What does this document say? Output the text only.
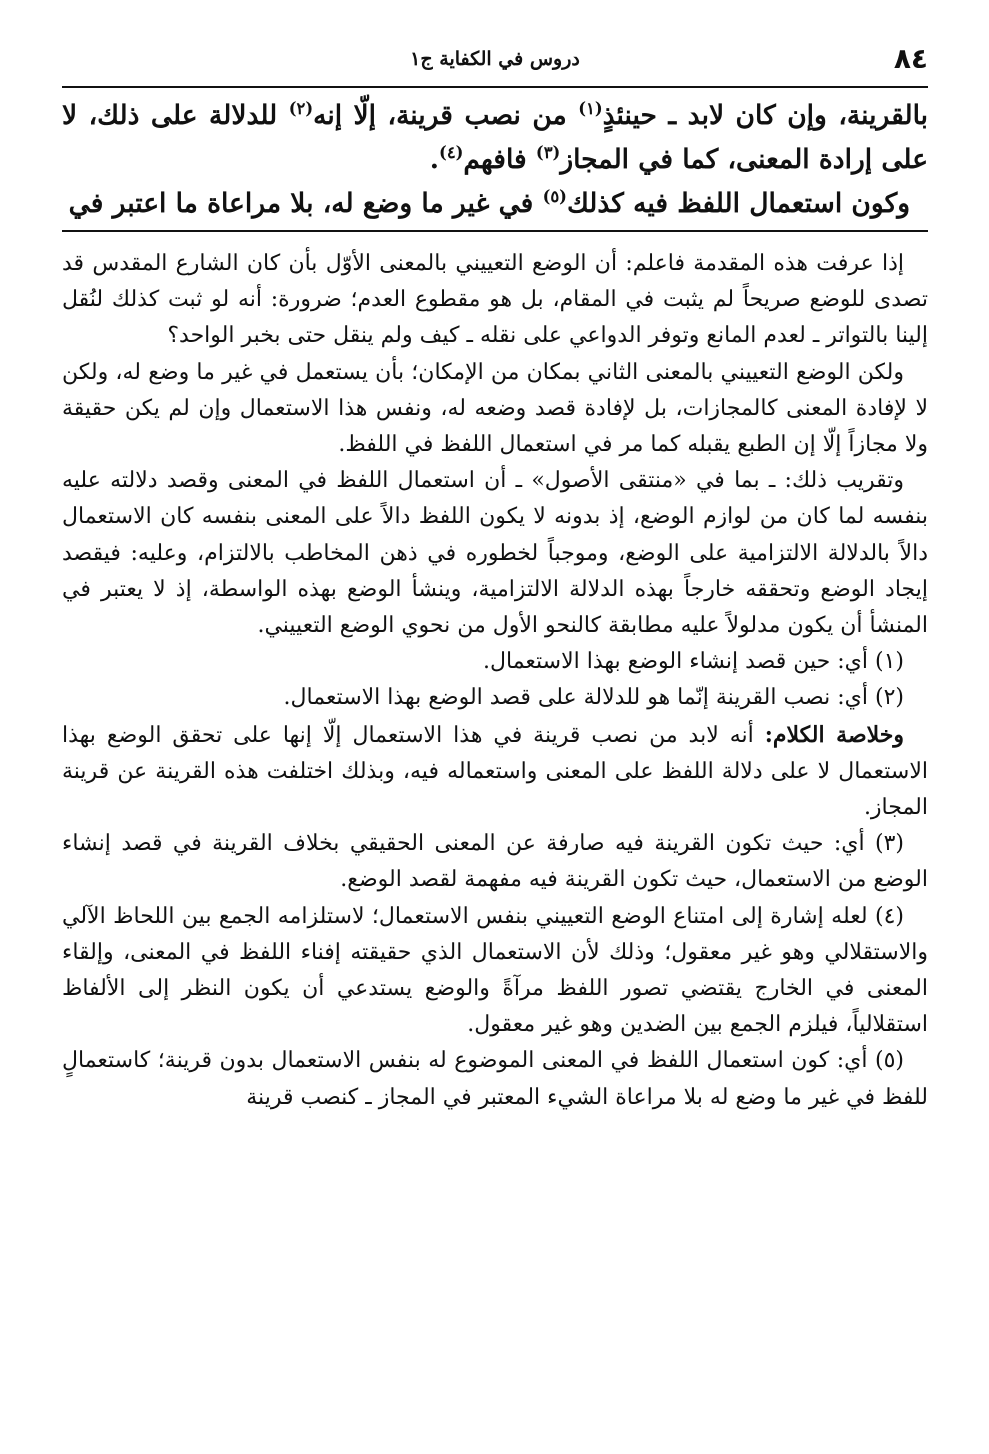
٨٤
دروس في الكفاية ج١

بالقرينة، وإن كان لابد ـ حينئذٍ$^{(١)}$ من نصب قرينة، إلّا إنه$^{(٢)}$ للدلالة على ذلك، لا على إرادة المعنى، كما في المجاز$^{(٣)}$ فافهم$^{(٤)}$.

وكون استعمال اللفظ فيه كذلك$^{(٥)}$ في غير ما وضع له، بلا مراعاة ما اعتبر في

إذا عرفت هذه المقدمة فاعلم: أن الوضع التعييني بالمعنى الأوّل بأن كان الشارع المقدس قد تصدى للوضع صريحاً لم يثبت في المقام، بل هو مقطوع العدم؛ ضرورة: أنه لو ثبت كذلك لنُقل إلينا بالتواتر ـ لعدم المانع وتوفر الدواعي على نقله ـ كيف ولم ينقل حتى بخبر الواحد؟

ولكن الوضع التعييني بالمعنى الثاني بمكان من الإمكان؛ بأن يستعمل في غير ما وضع له، ولكن لا لإفادة المعنى كالمجازات، بل لإفادة قصد وضعه له، ونفس هذا الاستعمال وإن لم يكن حقيقة ولا مجازاً إلّا إن الطبع يقبله كما مر في استعمال اللفظ في اللفظ.

وتقريب ذلك: ـ بما في «منتقى الأصول» ـ أن استعمال اللفظ في المعنى وقصد دلالته عليه بنفسه لما كان من لوازم الوضع، إذ بدونه لا يكون اللفظ دالاً على المعنى بنفسه كان الاستعمال دالاً بالدلالة الالتزامية على الوضع، وموجباً لخطوره في ذهن المخاطب بالالتزام، وعليه: فيقصد إيجاد الوضع وتحققه خارجاً بهذه الدلالة الالتزامية، وينشأ الوضع بهذه الواسطة، إذ لا يعتبر في المنشأ أن يكون مدلولاً عليه مطابقة كالنحو الأول من نحوي الوضع التعييني.

(١) أي: حين قصد إنشاء الوضع بهذا الاستعمال.

(٢) أي: نصب القرينة إنّما هو للدلالة على قصد الوضع بهذا الاستعمال.

وخلاصة الكلام: أنه لابد من نصب قرينة في هذا الاستعمال إلّا إنها على تحقق الوضع بهذا الاستعمال لا على دلالة اللفظ على المعنى واستعماله فيه، وبذلك اختلفت هذه القرينة عن قرينة المجاز.

(٣) أي: حيث تكون القرينة فيه صارفة عن المعنى الحقيقي بخلاف القرينة في قصد إنشاء الوضع من الاستعمال، حيث تكون القرينة فيه مفهمة لقصد الوضع.

(٤) لعله إشارة إلى امتناع الوضع التعييني بنفس الاستعمال؛ لاستلزامه الجمع بين اللحاظ الآلي والاستقلالي وهو غير معقول؛ وذلك لأن الاستعمال الذي حقيقته إفناء اللفظ في المعنى، وإلقاء المعنى في الخارج يقتضي تصور اللفظ مرآةً والوضع يستدعي أن يكون النظر إلى الألفاظ استقلالياً، فيلزم الجمع بين الضدين وهو غير معقول.

(٥) أي: كون استعمال اللفظ في المعنى الموضوع له بنفس الاستعمال بدون قرينة؛ كاستعمالٍ للفظ في غير ما وضع له بلا مراعاة الشيء المعتبر في المجاز ـ كنصب قرينة
